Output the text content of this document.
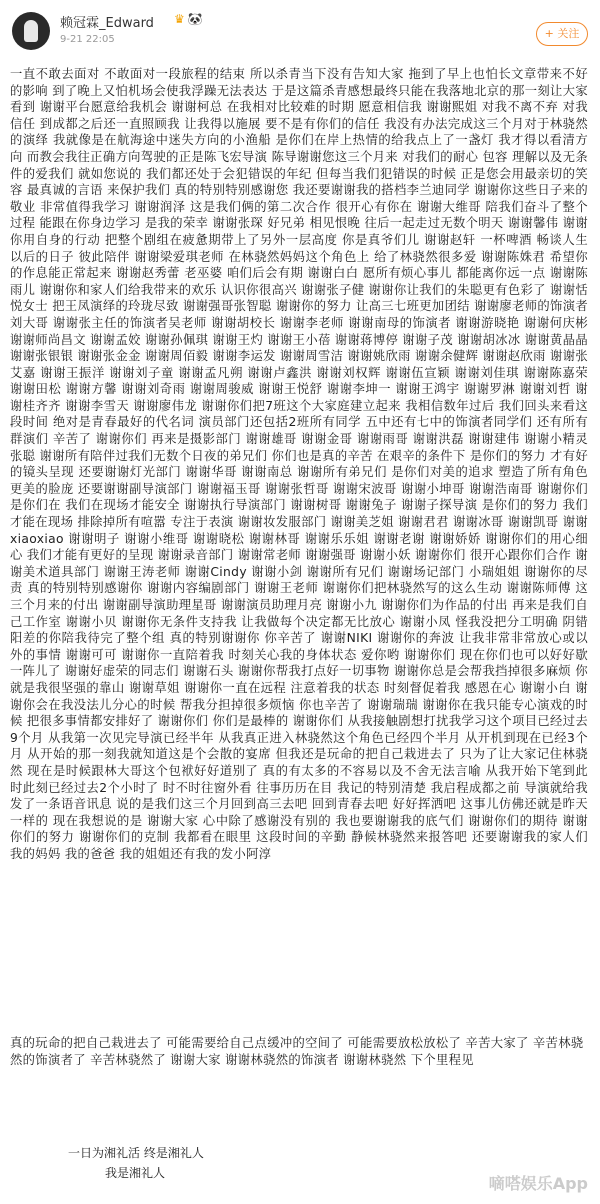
赖冠霖_Edward ♛ 🐼
9-21 22:05	+ 关注
一直不敢去面对 不敢面对一段旅程的结束 所以杀青当下没有告知大家 拖到了早上也怕长文章带来不好的影响 到了晚上又怕机场会使我浮躁无法表达 于是这篇杀青感想最终只能在我落地北京的那一刻让大家看到 谢谢平台愿意给我机会 谢谢柯总 在我相对比较难的时期 愿意相信我 谢谢熙姐 对我不离不弃 对我信任 到成都之后还一直照顾我 让我得以施展 要不是有你们的信任 我没有办法完成这三个月对于林骁然的演绎 我就像是在航海途中迷失方向的小渔船 是你们在岸上热情的给我点上了一盏灯 我才得以看清方向 而教会我往正确方向驾驶的正是陈飞宏导演 陈导谢谢您这三个月来 对我们的耐心 包容 理解以及无条件的爱我们 就如您说的 我们都还处于会犯错误的年纪 但每当我们犯错误的时候 正是您会用最亲切的笑容 最真诚的言语 来保护我们 真的特别特别感谢您 我还要谢谢我的搭档李兰迪同学 谢谢你这些日子来的敬业 非常值得我学习 谢谢润泽 这是我们俩的第二次合作 很开心有你在 谢谢大维哥 陪我们奋斗了整个过程 能跟在你身边学习 是我的荣幸 谢谢张琛 好兄弟 相见恨晚 往后一起走过无数个明天 谢谢馨伟 谢谢你用自身的行动 把整个剧组在疲惫期带上了另外一层高度 你是真爷们儿 谢谢赵轩 一杯啤酒 畅谈人生 以后的日子 彼此陪伴 谢谢梁爱琪老师 在林骁然妈妈这个角色上 给了林骁然很多爱 谢谢陈姝君 希望你的作息能正常起来 谢谢赵秀蕾 老巫婆 咱们后会有期 谢谢白白 愿所有烦心事儿 都能离你远一点 谢谢陈雨儿 谢谢你和家人们给我带来的欢乐 认识你很高兴 谢谢张子健 谢谢你让我们的朱聪更有色彩了 谢谢恬悦女士 把王凤演绎的玲珑尽致 谢谢强哥张智聪 谢谢你的努力 让高三七班更加团结 谢谢廖老师的饰演者刘大哥 谢谢张主任的饰演者吴老师 谢谢胡校长 谢谢李老师 谢谢南母的饰演者 谢谢游晓艳 谢谢何庆彬 谢谢师尚昌文 谢谢孟姣 谢谢孙佩琪 谢谢王灼 谢谢王小蓓 谢谢蒋博停 谢谢子茂 谢谢胡冰冰 谢谢黄晶晶 谢谢张银银 谢谢张金金 谢谢周佰毅 谢谢李运发 谢谢周雪洁 谢谢姚欣雨 谢谢余健辉 谢谢赵欣雨 谢谢张艾嘉 谢谢王振洋 谢谢刘子童 谢谢孟凡朔 谢谢卢鑫洪 谢谢刘权辉 谢谢伍宣颖 谢谢刘佳琪 谢谢陈嘉荣 谢谢田松 谢谢方馨 谢谢刘奇雨 谢谢周骏威 谢谢王悦舒 谢谢李坤一 谢谢王鸿宇 谢谢罗淋 谢谢刘哲 谢谢桂齐齐 谢谢李雪天 谢谢廖伟龙 谢谢你们把7班这个大家庭建立起来 我相信数年过后 我们回头来看这段时间 绝对是青春最好的代名词 演员部门还包括2班所有同学 五中还有七中的饰演者同学们 还有所有群演们 辛苦了 谢谢你们 再来是摄影部门 谢谢雄哥 谢谢金哥 谢谢雨哥 谢谢洪磊 谢谢建伟 谢谢小精灵张聪 谢谢所有陪伴过我们无数个日夜的弟兄们 你们也是真的辛苦 在艰辛的条件下 是你们的努力 才有好的镜头呈现 还要谢谢灯光部门 谢谢华哥 谢谢南总 谢谢所有弟兄们 是你们对美的追求 塑造了所有角色更美的脸庞 还要谢谢副导演部门 谢谢福玉哥 谢谢张哲哥 谢谢宋波哥 谢谢小坤哥 谢谢浩南哥 谢谢你们 是你们在 我们在现场才能安全 谢谢执行导演部门 谢谢树哥 谢谢兔子 谢谢子探导演 是你们的努力 我们才能在现场 排除掉所有喧嚣 专注于表演 谢谢妆发服部门 谢谢美芝姐 谢谢君君 谢谢冰哥 谢谢凯哥 谢谢xiaoxiao 谢谢明子 谢谢小维哥 谢谢晓松 谢谢林哥 谢谢乐乐姐 谢谢老谢 谢谢娇娇 谢谢你们的用心细心 我们才能有更好的呈现 谢谢录音部门 谢谢常老师 谢谢强哥 谢谢小妖 谢谢你们 很开心跟你们合作 谢谢美术道具部门 谢谢王涛老师 谢谢Cindy 谢谢小剑 谢谢所有兄们 谢谢场记部门 小瑞姐姐 谢谢你的尽责 真的特别特别感谢你 谢谢内容编剧部门 谢谢王老师 谢谢你们把林骁然写的这么生动 谢谢陈师傅 这三个月来的付出 谢谢副导演助理星哥 谢谢演员助理月亮 谢谢小九 谢谢你们为作品的付出 再来是我们自己工作室 谢谢小贝 谢谢你无条件支持我 让我做每个决定都无比放心 谢谢小凤 怪我没把分工明确 阴错阳差的你陪我待完了整个组 真的特别谢谢你 你辛苦了 谢谢NIKI 谢谢你的奔波 让我非常非常放心或以外的事情 谢谢可可 谢谢你一直陪着我 时刻关心我的身体状态 爱你哟 谢谢你们 现在你们也可以好好歇一阵儿了 谢谢好虚荣的同志们 谢谢石头 谢谢你帮我打点好一切事物 谢谢你总是会帮我挡掉很多麻烦 你就是我很坚强的靠山 谢谢草姐 谢谢你一直在远程 注意着我的状态 时刻督促着我 感恩在心 谢谢小白 谢谢你会在我没法儿分心的时候 帮我分担掉很多烦恼 你也辛苦了 谢谢瑞瑞 谢谢你在我只能专心演戏的时候 把很多事情都安排好了 谢谢你们 你们是最棒的 谢谢你们 从我接触剧想打扰我学习这个项目已经过去9个月 从我第一次见完导演已经半年 从我真正进入林骁然这个角色已经四个半月 从开机到现在已经3个月 从开始的那一刻我就知道这是个会散的宴席 但我还是玩命的把自己栽进去了 只为了让大家记住林骁然 现在是时候跟林大哥这个包袱好好道别了 真的有太多的不容易以及不舍无法言喻 从我开始下笔到此时此刻已经过去2个小时了 时不时往窗外看 往事历历在目 我记的特别清楚 我启程成都之前 导演就给我发了一条语音讯息 说的是我们这三个月回到高三去吧 回到青春去吧 好好挥洒吧 这事儿仿佛还就是昨天一样的 现在我想说的是 谢谢大家 心中除了感谢没有别的 我也要谢谢我的底气们 谢谢你们的期待 谢谢你们的努力 谢谢你们的克制 我都看在眼里 这段时间的辛勤 静候林骁然来报答吧 还要谢谢我的家人们 我的妈妈 我的爸爸 我的姐姐还有我的发小阿淳
真的玩命的把自己栽进去了 可能需要给自己点缓冲的空间了 可能需要放松放松了 辛苦大家了 辛苦林骁然的饰演者了 辛苦林骁然了 谢谢大家 谢谢林骁然的饰演者 谢谢林骁然 下个里程见
一日为湘礼活 终是湘礼人
我是湘礼人
嘀嗒娱乐App
